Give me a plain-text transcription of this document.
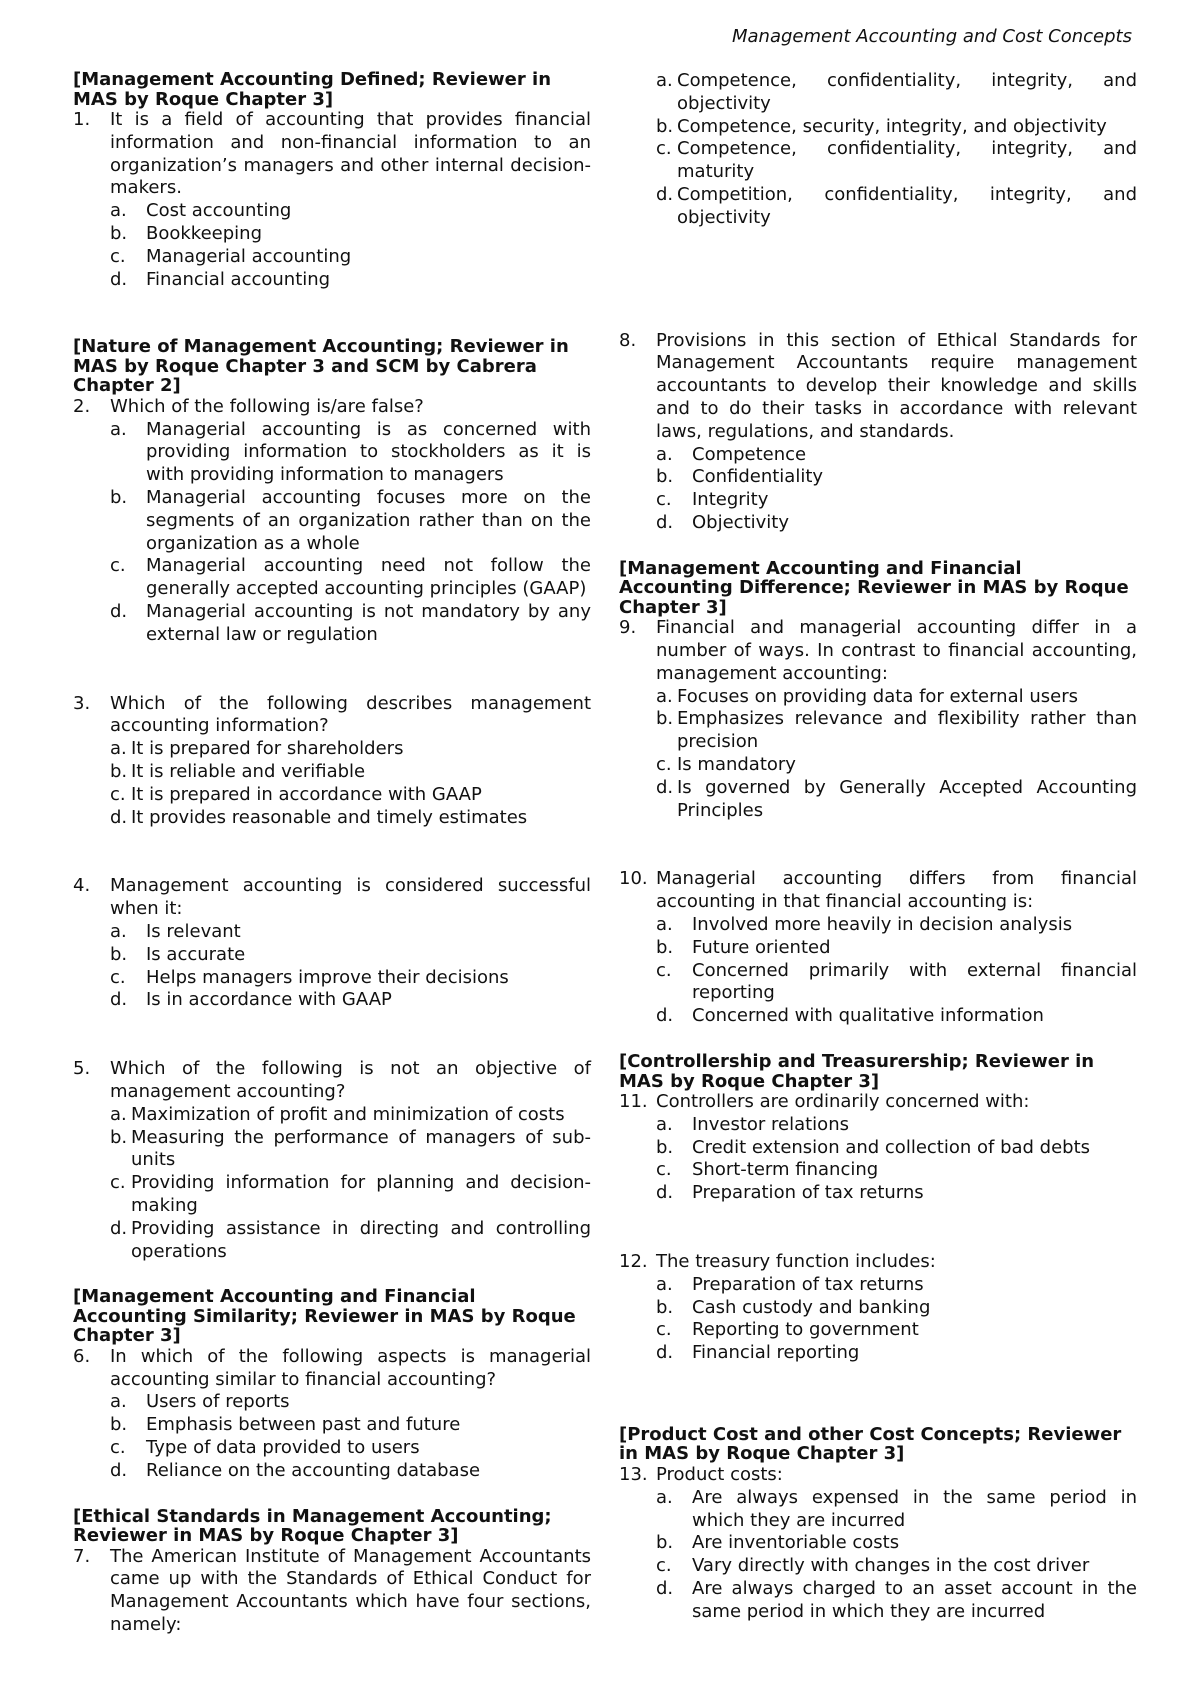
Management Accounting and Cost Concepts
[Management Accounting Defined; Reviewer in MAS by Roque Chapter 3]
1.	It is a field of accounting that provides financial information and non-financial information to an organization’s managers and other internal decision-makers.
a.	Cost accounting
b.	Bookkeeping
c.	Managerial accounting
d.	Financial accounting
[Nature of Management Accounting; Reviewer in MAS by Roque Chapter 3 and SCM by Cabrera Chapter 2]
2.	Which of the following is/are false?
a.	Managerial accounting is as concerned with providing information to stockholders as it is with providing information to managers
b.	Managerial accounting focuses more on the segments of an organization rather than on the organization as a whole
c.	Managerial accounting need not follow the generally accepted accounting principles (GAAP)
d.	Managerial accounting is not mandatory by any external law or regulation
3.	Which of the following describes management accounting information?
a. It is prepared for shareholders
b. It is reliable and verifiable
c. It is prepared in accordance with GAAP
d. It provides reasonable and timely estimates
4.	Management accounting is considered successful when it:
a.	Is relevant
b.	Is accurate
c.	Helps managers improve their decisions
d.	Is in accordance with GAAP
5.	Which of the following is not an objective of management accounting?
a. Maximization of profit and minimization of costs
b. Measuring the performance of managers of sub-units
c. Providing information for planning and decision-making
d. Providing assistance in directing and controlling operations
[Management Accounting and Financial Accounting Similarity; Reviewer in MAS by Roque Chapter 3]
6.	In which of the following aspects is managerial accounting similar to financial accounting?
a.	Users of reports
b.	Emphasis between past and future
c.	Type of data provided to users
d.	Reliance on the accounting database
[Ethical Standards in Management Accounting; Reviewer in MAS by Roque Chapter 3]
7.	The American Institute of Management Accountants came up with the Standards of Ethical Conduct for Management Accountants which have four sections, namely:
a. Competence, confidentiality, integrity, and objectivity
b. Competence, security, integrity, and objectivity
c. Competence, confidentiality, integrity, and maturity
d. Competition, confidentiality, integrity, and objectivity
8.	Provisions in this section of Ethical Standards for Management Accountants require management accountants to develop their knowledge and skills and to do their tasks in accordance with relevant laws, regulations, and standards.
a.	Competence
b.	Confidentiality
c.	Integrity
d.	Objectivity
[Management Accounting and Financial Accounting Difference; Reviewer in MAS by Roque Chapter 3]
9.	Financial and managerial accounting differ in a number of ways. In contrast to financial accounting, management accounting:
a. Focuses on providing data for external users
b. Emphasizes relevance and flexibility rather than precision
c. Is mandatory
d. Is governed by Generally Accepted Accounting Principles
10. Managerial accounting differs from financial accounting in that financial accounting is:
a.	Involved more heavily in decision analysis
b.	Future oriented
c.	Concerned primarily with external financial reporting
d.	Concerned with qualitative information
[Controllership and Treasurership; Reviewer in MAS by Roque Chapter 3]
11. Controllers are ordinarily concerned with:
a.	Investor relations
b.	Credit extension and collection of bad debts
c.	Short-term financing
d.	Preparation of tax returns
12. The treasury function includes:
a.	Preparation of tax returns
b.	Cash custody and banking
c.	Reporting to government
d.	Financial reporting
[Product Cost and other Cost Concepts; Reviewer in MAS by Roque Chapter 3]
13. Product costs:
a.	Are always expensed in the same period in which they are incurred
b.	Are inventoriable costs
c.	Vary directly with changes in the cost driver
d.	Are always charged to an asset account in the same period in which they are incurred
